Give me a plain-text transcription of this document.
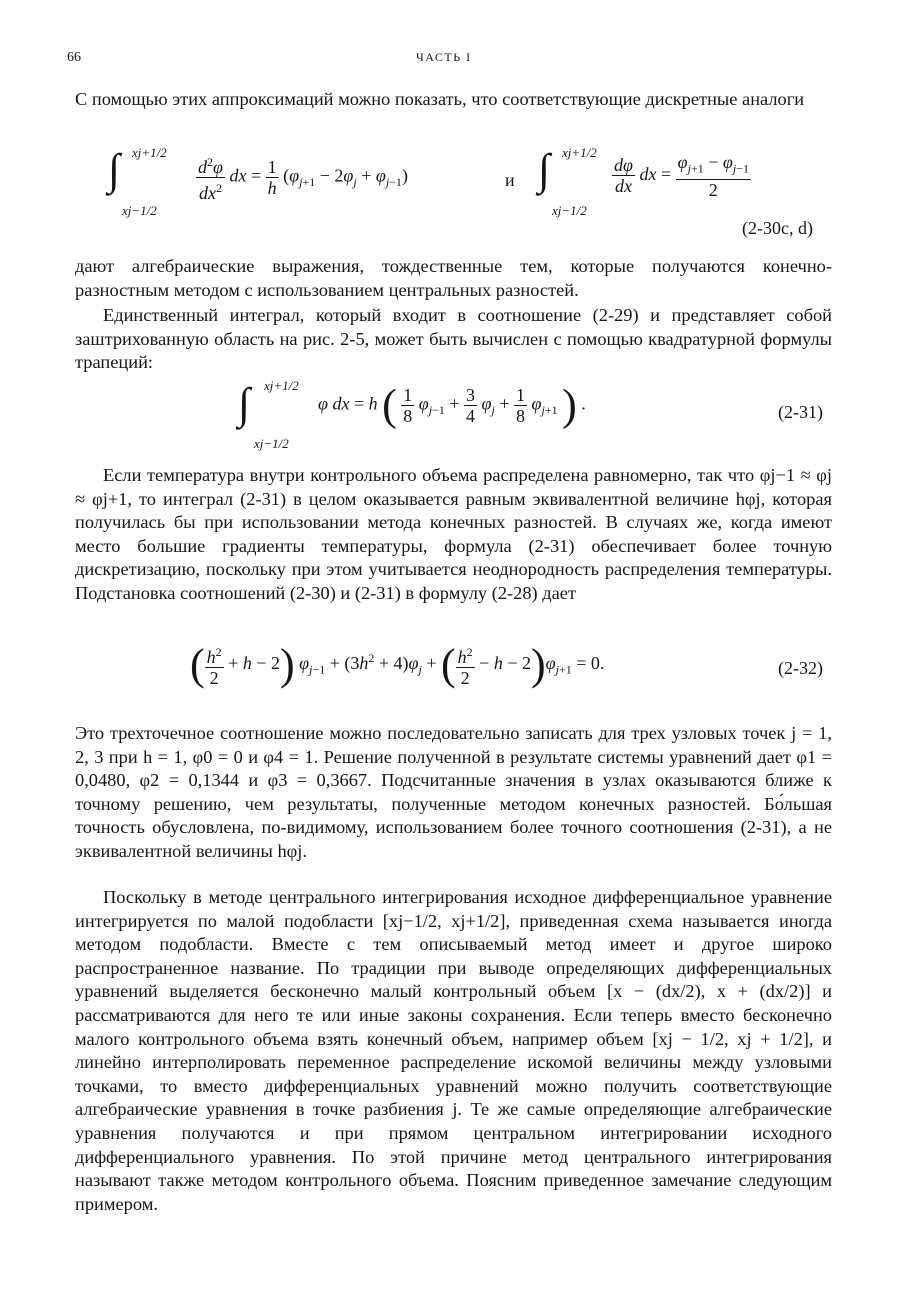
66	ЧАСТЬ I

С помощью этих аппроксимаций можно показать, что соответствующие дискретные аналоги

∫ xj+1/2
xj−1/2
$\frac{d^2\varphi}{dx^2}$ dx = $\frac{1}{h} (\varphi_{j+1} - 2\varphi_j + \varphi_{j-1})$	и ∫ xj+1/2
xj−1/2
$\frac{d\varphi}{dx}$ dx = $\frac{\varphi_{j+1} - \varphi_{j-1}}{2}$
(2-30c, d)

дают алгебраические выражения, тождественные тем, которые получаются конечно-разностным методом с использованием центральных разностей.

Единственный интеграл, который входит в соотношение (2-29) и представляет собой заштрихованную область на рис. 2-5, может быть вычислен с помощью квадратурной формулы трапеций:

∫ xj+1/2
xj−1/2
φ dx = h ( $\frac{1}{8} \varphi_{j-1} + \frac{3}{4} \varphi_j + \frac{1}{8} \varphi_{j+1}$ ) .	(2-31)

Если температура внутри контрольного объема распределена равномерно, так что φj−1 ≈ φj ≈ φj+1, то интеграл (2-31) в целом оказывается равным эквивалентной величине hφj, которая получилась бы при использовании метода конечных разностей. В случаях же, когда имеют место большие градиенты температуры, формула (2-31) обеспечивает более точную дискретизацию, поскольку при этом учитывается неоднородность распределения температуры. Подстановка соотношений (2-30) и (2-31) в формулу (2-28) дает

( $\frac{h^2}{2} + h - 2$) $\varphi_{j-1} + (3h^2 + 4)\varphi_j$ + ( $\frac{h^2}{2} - h - 2)\varphi_{j+1} = 0$.	(2-32)

Это трехточечное соотношение можно последовательно записать для трех узловых точек j = 1, 2, 3 при h = 1, φ0 = 0 и φ4 = 1. Решение полученной в результате системы уравнений дает φ1 = 0,0480, φ2 = 0,1344 и φ3 = 0,3667. Подсчитанные значения в узлах оказываются ближе к точному решению, чем результаты, полученные методом конечных разностей. Бо́льшая точность обусловлена, по-видимому, использованием более точного соотношения (2-31), а не эквивалентной величины hφj.

Поскольку в методе центрального интегрирования исходное дифференциальное уравнение интегрируется по малой подобласти [xj−1/2, xj+1/2], приведенная схема называется иногда методом подобласти. Вместе с тем описываемый метод имеет и другое широко распространенное название. По традиции при выводе определяющих дифференциальных уравнений выделяется бесконечно малый контрольный объем [x − (dx/2), x + (dx/2)] и рассматриваются для него те или иные законы сохранения. Если теперь вместо бесконечно малого контрольного объема взять конечный объем, например объем [xj − 1/2, xj + 1/2], и линейно интерполировать переменное распределение искомой величины между узловыми точками, то вместо дифференциальных уравнений можно получить соответствующие алгебраические уравнения в точке разбиения j. Те же самые определяющие алгебраические уравнения получаются и при прямом центральном интегрировании исходного дифференциального уравнения. По этой причине метод центрального интегрирования называют также методом контрольного объема. Поясним приведенное замечание следующим примером.
